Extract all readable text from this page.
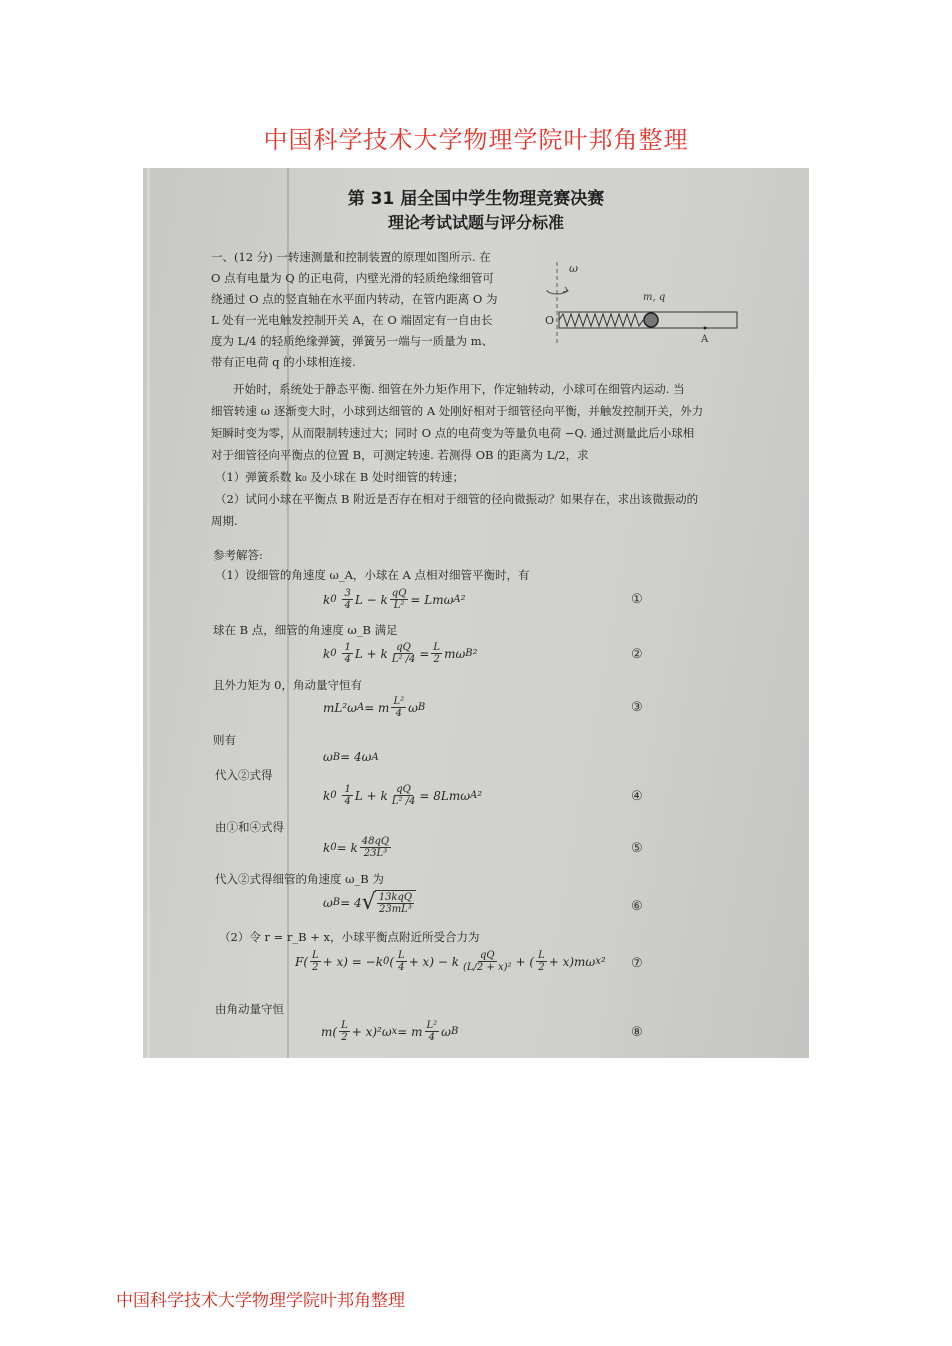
中国科学技术大学物理学院叶邦角整理
第 31 届全国中学生物理竞赛决赛
理论考试试题与评分标准
一、(12 分) 一转速测量和控制装置的原理如图所示. 在
O 点有电量为 Q 的正电荷，内壁光滑的轻质绝缘细管可
绕通过 O 点的竖直轴在水平面内转动，在管内距离 O 为
L 处有一光电触发控制开关 A，在 O 端固定有一自由长
度为 L/4 的轻质绝缘弹簧，弹簧另一端与一质量为 m、
带有正电荷 q 的小球相连接.
ω
m, q
O
A
开始时，系统处于静态平衡. 细管在外力矩作用下，作定轴转动，小球可在细管内运动. 当
细管转速 ω 逐渐变大时，小球到达细管的 A 处刚好相对于细管径向平衡，并触发控制开关，外力
矩瞬时变为零，从而限制转速过大；同时 O 点的电荷变为等量负电荷 −Q. 通过测量此后小球相
对于细管径向平衡点的位置 B，可测定转速. 若测得 OB 的距离为 L/2，求
（1）弹簧系数 k₀ 及小球在 B 处时细管的转速；
（2）试问小球在平衡点 B 附近是否存在相对于细管的径向微振动？如果存在，求出该微振动的
周期.
参考解答:
（1）设细管的角速度 ω_A，小球在 A 点相对细管平衡时，有
k 0

3
4 L − k qQ
L² = Lmω A ²	①
球在 B 点，细管的角速度 ω_B 满足
k 0

1
4 L + k qQ
L² /4 = L
2 mω B ²	②
且外力矩为 0，角动量守恒有
mL²ω A = m L²
4 ω B	③
则有
ω B = 4ω A
代入②式得
k 0

1
4 L + k qQ
L² /4 = 8Lmω A ²	④
由①和④式得
k 0 = k 48qQ
23L³	⑤
代入②式得细管的角速度 ω_B 为
ω B = 4 √ 13kqQ
23mL³	⑥
（2）令 r = r_B + x，小球平衡点附近所受合力为
F( L
2 + x) = −k 0 ( L
4 + x) − k qQ
(L/2 + x)² + ( L
2 + x)mω x ² ⑦
由角动量守恒
m( L
2 + x)²ω x = m L²
4 ω B	⑧
中国科学技术大学物理学院叶邦角整理
